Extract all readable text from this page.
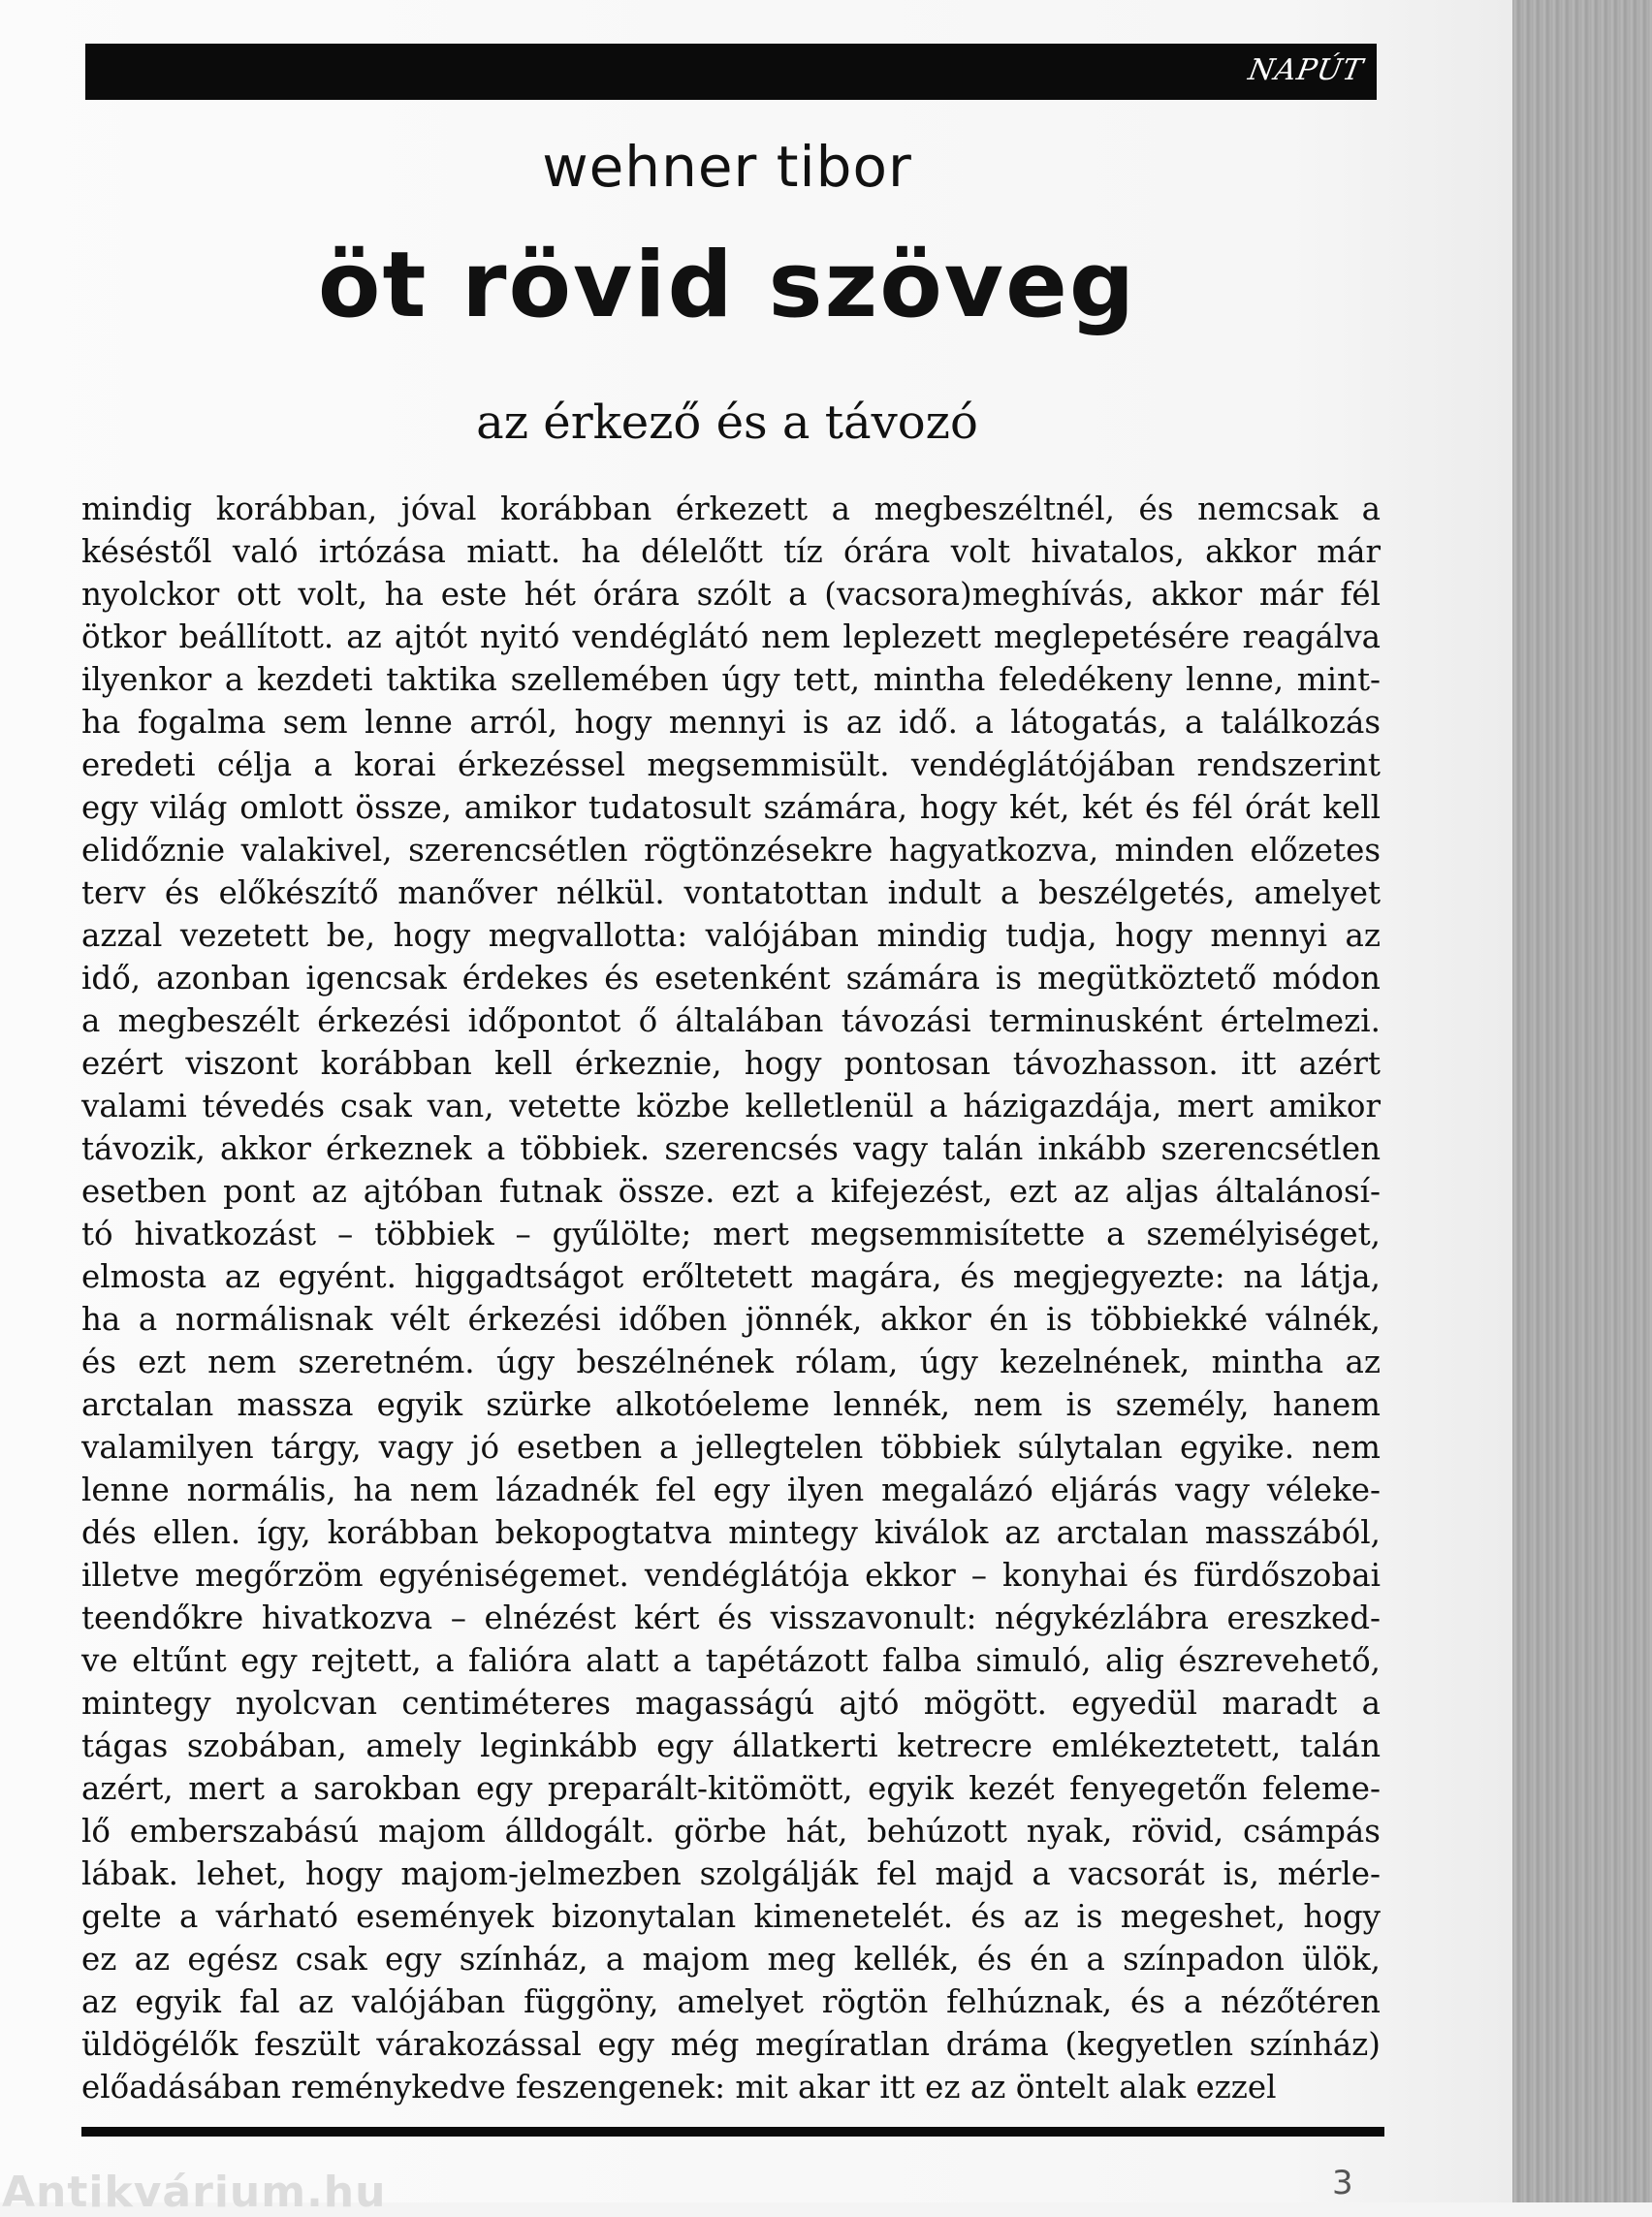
NAPÚT
wehner tibor
öt rövid szöveg
az érkező és a távozó
mindig korábban, jóval korábban érkezett a megbeszéltnél, és nemcsak a
késéstől való irtózása miatt. ha délelőtt tíz órára volt hivatalos, akkor már
nyolckor ott volt, ha este hét órára szólt a (vacsora)meghívás, akkor már fél
ötkor beállított. az ajtót nyitó vendéglátó nem leplezett meglepetésére reagálva
ilyenkor a kezdeti taktika szellemében úgy tett, mintha feledékeny lenne, mint-
ha fogalma sem lenne arról, hogy mennyi is az idő. a látogatás, a találkozás
eredeti célja a korai érkezéssel megsemmisült. vendéglátójában rendszerint
egy világ omlott össze, amikor tudatosult számára, hogy két, két és fél órát kell
elidőznie valakivel, szerencsétlen rögtönzésekre hagyatkozva, minden előzetes
terv és előkészítő manőver nélkül. vontatottan indult a beszélgetés, amelyet
azzal vezetett be, hogy megvallotta: valójában mindig tudja, hogy mennyi az
idő, azonban igencsak érdekes és esetenként számára is megütköztető módon
a megbeszélt érkezési időpontot ő általában távozási terminusként értelmezi.
ezért viszont korábban kell érkeznie, hogy pontosan távozhasson. itt azért
valami tévedés csak van, vetette közbe kelletlenül a házigazdája, mert amikor
távozik, akkor érkeznek a többiek. szerencsés vagy talán inkább szerencsétlen
esetben pont az ajtóban futnak össze. ezt a kifejezést, ezt az aljas általánosí-
tó hivatkozást – többiek – gyűlölte; mert megsemmisítette a személyiséget,
elmosta az egyént. higgadtságot erőltetett magára, és megjegyezte: na látja,
ha a normálisnak vélt érkezési időben jönnék, akkor én is többiekké válnék,
és ezt nem szeretném. úgy beszélnének rólam, úgy kezelnének, mintha az
arctalan massza egyik szürke alkotóeleme lennék, nem is személy, hanem
valamilyen tárgy, vagy jó esetben a jellegtelen többiek súlytalan egyike. nem
lenne normális, ha nem lázadnék fel egy ilyen megalázó eljárás vagy véleke-
dés ellen. így, korábban bekopogtatva mintegy kiválok az arctalan masszából,
illetve megőrzöm egyéniségemet. vendéglátója ekkor – konyhai és fürdőszobai
teendőkre hivatkozva – elnézést kért és visszavonult: négykézlábra ereszked-
ve eltűnt egy rejtett, a falióra alatt a tapétázott falba simuló, alig észrevehető,
mintegy nyolcvan centiméteres magasságú ajtó mögött. egyedül maradt a
tágas szobában, amely leginkább egy állatkerti ketrecre emlékeztetett, talán
azért, mert a sarokban egy preparált-kitömött, egyik kezét fenyegetőn feleme-
lő emberszabású majom álldogált. görbe hát, behúzott nyak, rövid, csámpás
lábak. lehet, hogy majom-jelmezben szolgálják fel majd a vacsorát is, mérle-
gelte a várható események bizonytalan kimenetelét. és az is megeshet, hogy
ez az egész csak egy színház, a majom meg kellék, és én a színpadon ülök,
az egyik fal az valójában függöny, amelyet rögtön felhúznak, és a nézőtéren
üldögélők feszült várakozással egy még megíratlan dráma (kegyetlen színház)
előadásában reménykedve feszengenek: mit akar itt ez az öntelt alak ezzel
3
Antikvárium.hu
